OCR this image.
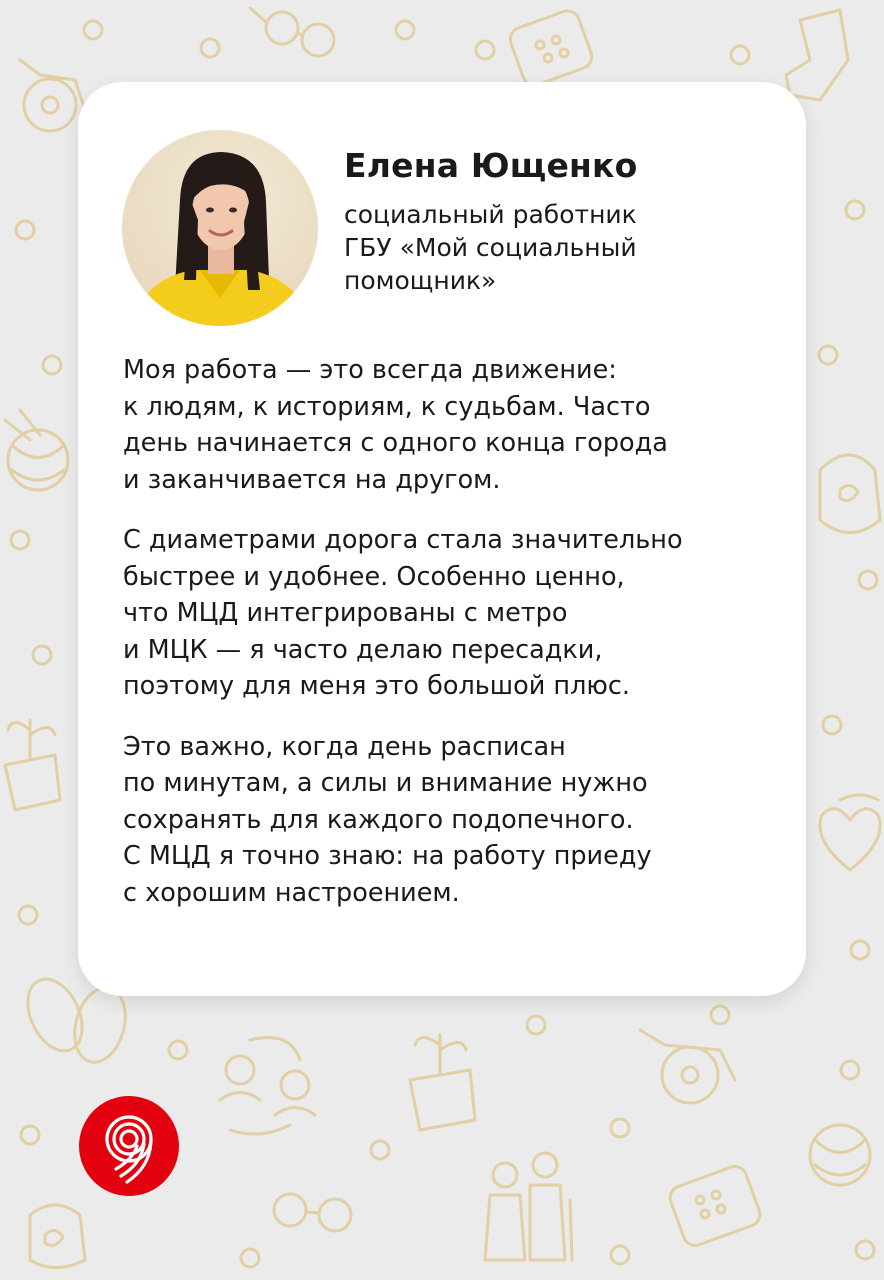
Елена Ющенко
социальный работник
ГБУ «Мой социальный
помощник»

Моя работа — это всегда движение:
к людям, к историям, к судьбам. Часто
день начинается с одного конца города
и заканчивается на другом.

С диаметрами дорога стала значительно
быстрее и удобнее. Особенно ценно,
что МЦД интегрированы с метро
и МЦК — я часто делаю пересадки,
поэтому для меня это большой плюс.

Это важно, когда день расписан
по минутам, а силы и внимание нужно
сохранять для каждого подопечного.
С МЦД я точно знаю: на работу приеду
с хорошим настроением.
